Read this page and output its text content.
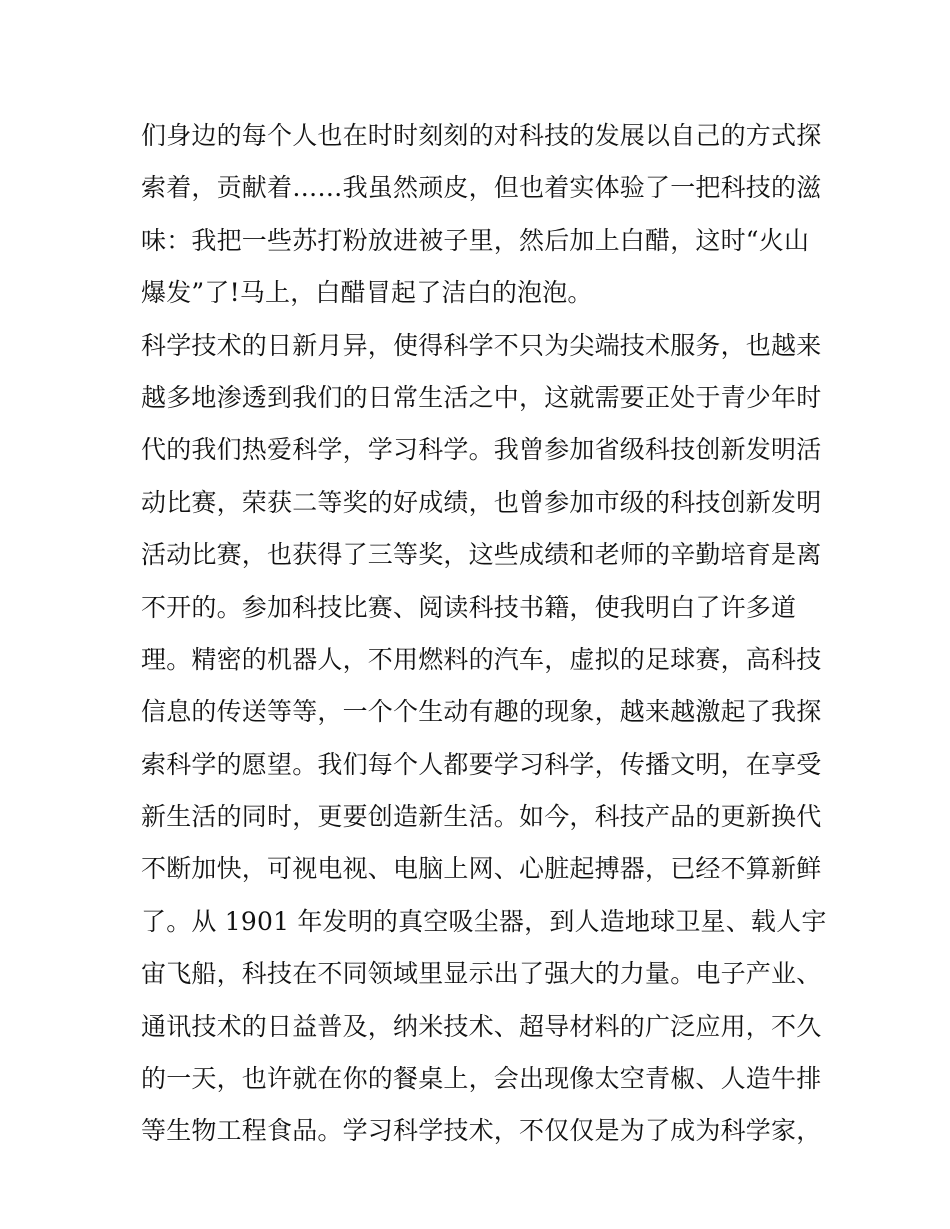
们身边的每个人也在时时刻刻的对科技的发展以自己的方式探
索着，贡献着……我虽然顽皮，但也着实体验了一把科技的滋
味：我把一些苏打粉放进被子里，然后加上白醋，这时“火山
爆发”了!马上，白醋冒起了洁白的泡泡。
科学技术的日新月异，使得科学不只为尖端技术服务，也越来
越多地渗透到我们的日常生活之中，这就需要正处于青少年时
代的我们热爱科学，学习科学。我曾参加省级科技创新发明活
动比赛，荣获二等奖的好成绩，也曾参加市级的科技创新发明
活动比赛，也获得了三等奖，这些成绩和老师的辛勤培育是离
不开的。参加科技比赛、阅读科技书籍，使我明白了许多道
理。精密的机器人，不用燃料的汽车，虚拟的足球赛，高科技
信息的传送等等，一个个生动有趣的现象，越来越激起了我探
索科学的愿望。我们每个人都要学习科学，传播文明，在享受
新生活的同时，更要创造新生活。如今，科技产品的更新换代
不断加快，可视电视、电脑上网、心脏起搏器，已经不算新鲜
了。从 1901 年发明的真空吸尘器，到人造地球卫星、载人宇
宙飞船，科技在不同领域里显示出了强大的力量。电子产业、
通讯技术的日益普及，纳米技术、超导材料的广泛应用，不久
的一天，也许就在你的餐桌上，会出现像太空青椒、人造牛排
等生物工程食品。学习科学技术，不仅仅是为了成为科学家，
